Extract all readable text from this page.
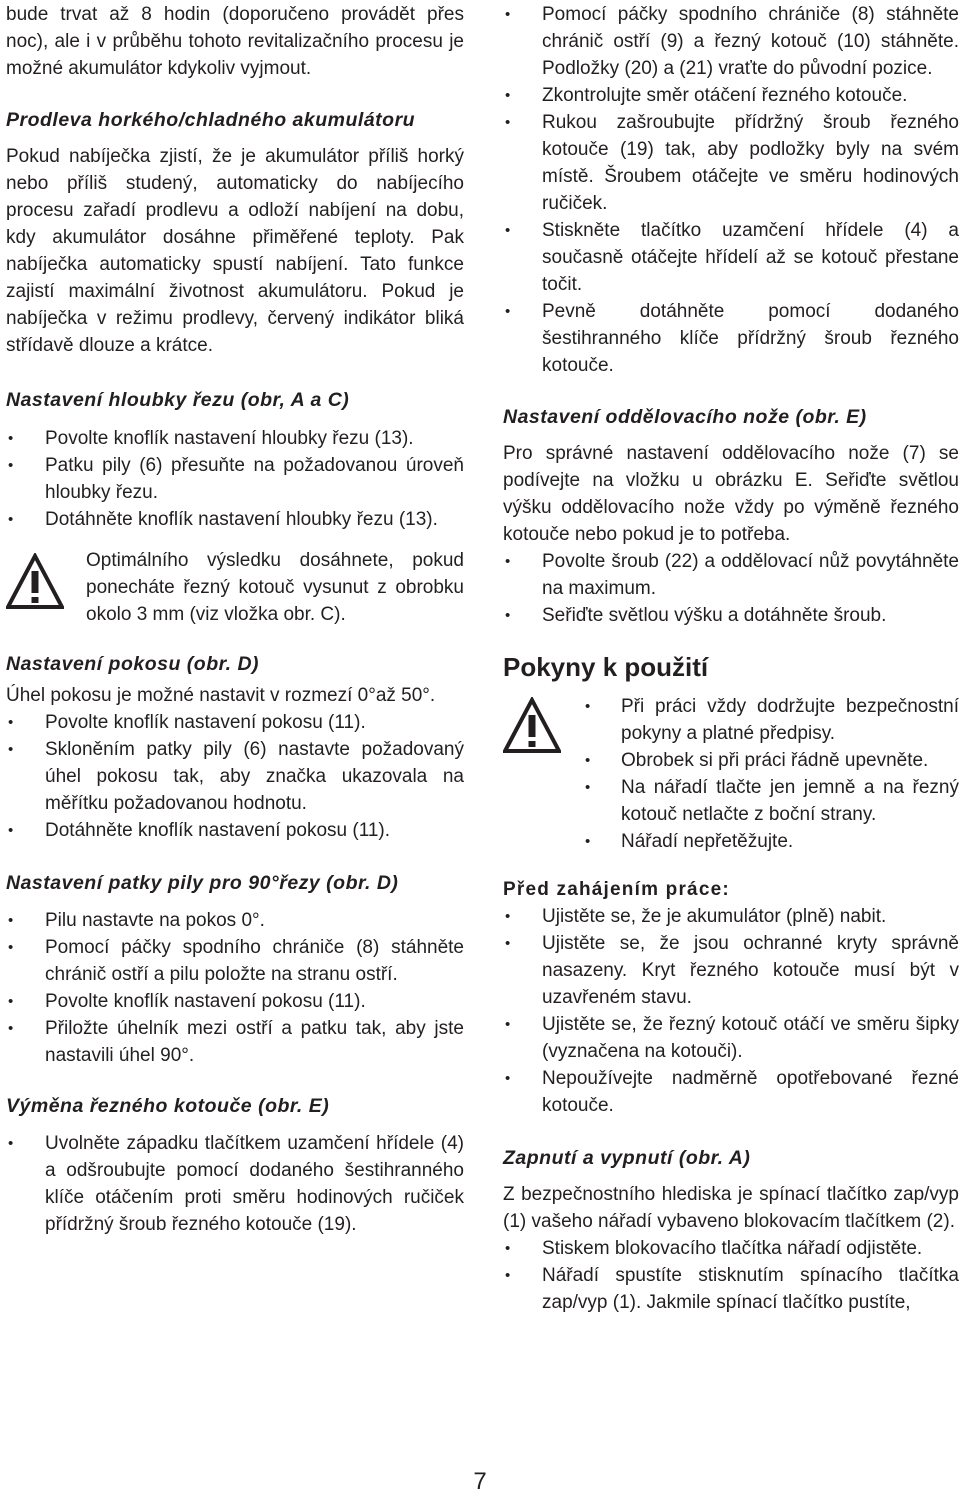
bude trvat až 8 hodin (doporučeno provádět přes noc), ale i v průběhu tohoto revitalizačního procesu je možné akumulátor kdykoliv vyjmout.

Prodleva horkého/chladného akumulátoru

Pokud nabíječka zjistí, že je akumulátor příliš horký nebo příliš studený, automaticky do nabíjecího procesu zařadí prodlevu a odloží nabíjení na dobu, kdy akumulátor dosáhne přiměřené teploty. Pak nabíječka automaticky spustí nabíjení. Tato funkce zajistí maximální životnost akumulátoru. Pokud je nabíječka v režimu prodlevy, červený indikátor bliká střídavě dlouze a krátce.

Nastavení hloubky řezu (obr, A a C)
• Povolte knoflík nastavení hloubky řezu (13).
• Patku pily (6) přesuňte na požadovanou úroveň hloubky řezu.
• Dotáhněte knoflík nastavení hloubky řezu (13).

Optimálního výsledku dosáhnete, pokud ponecháte řezný kotouč vysunut z obrobku okolo 3 mm (viz vložka obr. C).

Nastavení pokosu (obr. D)

Úhel pokosu je možné nastavit v rozmezí 0°až 50°.

• Povolte knoflík nastavení pokosu (11).
• Skloněním patky pily (6) nastavte požadovaný úhel pokosu tak, aby značka ukazovala na měřítku požadovanou hodnotu.
• Dotáhněte knoflík nastavení pokosu (11).
Nastavení patky pily pro 90°řezy (obr. D)
• Pilu nastavte na pokos 0°.
• Pomocí páčky spodního chrániče (8) stáhněte chránič ostří a pilu položte na stranu ostří.
• Povolte knoflík nastavení pokosu (11).
• Přiložte úhelník mezi ostří a patku tak, aby jste nastavili úhel 90°.
Výměna řezného kotouče (obr. E)
• Uvolněte západku tlačítkem uzamčení hřídele (4) a odšroubujte pomocí dodaného šestihranného klíče otáčením proti směru hodinových ručiček přídržný šroub řezného kotouče (19).
• Pomocí páčky spodního chrániče (8) stáhněte chránič ostří (9) a řezný kotouč (10) stáhněte. Podložky (20) a (21) vraťte do původní pozice.
• Zkontrolujte směr otáčení řezného kotouče.
• Rukou zašroubujte přídržný šroub řezného kotouče (19) tak, aby podložky byly na svém místě. Šroubem otáčejte ve směru hodinových ručiček.
• Stiskněte tlačítko uzamčení hřídele (4) a současně otáčejte hřídelí až se kotouč přestane točit.
• Pevně dotáhněte pomocí dodaného šestihranného klíče přídržný šroub řezného kotouče.
Nastavení oddělovacího nože (obr. E)

Pro správné nastavení oddělovacího nože (7) se podívejte na vložku u obrázku E. Seřiďte světlou výšku oddělovacího nože vždy po výměně řezného kotouče nebo pokud je to potřeba.

• Povolte šroub (22) a oddělovací nůž povytáhněte na maximum.
• Seřiďte světlou výšku a dotáhněte šroub.
Pokyny k použití
• Při práci vždy dodržujte bezpečnostní pokyny a platné předpisy.
• Obrobek si při práci řádně upevněte.
• Na nářadí tlačte jen jemně a na řezný kotouč netlačte z boční strany.
• Nářadí nepřetěžujte.
Před zahájením práce:
• Ujistěte se, že je akumulátor (plně) nabit.
• Ujistěte se, že jsou ochranné kryty správně nasazeny. Kryt řezného kotouče musí být v uzavřeném stavu.
• Ujistěte se, že řezný kotouč otáčí ve směru šipky (vyznačena na kotouči).
• Nepoužívejte nadměrně opotřebované řezné kotouče.
Zapnutí a vypnutí (obr. A)

Z bezpečnostního hlediska je spínací tlačítko zap/vyp (1) vašeho nářadí vybaveno blokovacím tlačítkem (2).

• Stiskem blokovacího tlačítka nářadí odjistěte.
• Nářadí spustíte stisknutím spínacího tlačítka zap/vyp (1). Jakmile spínací tlačítko pustíte,
7
